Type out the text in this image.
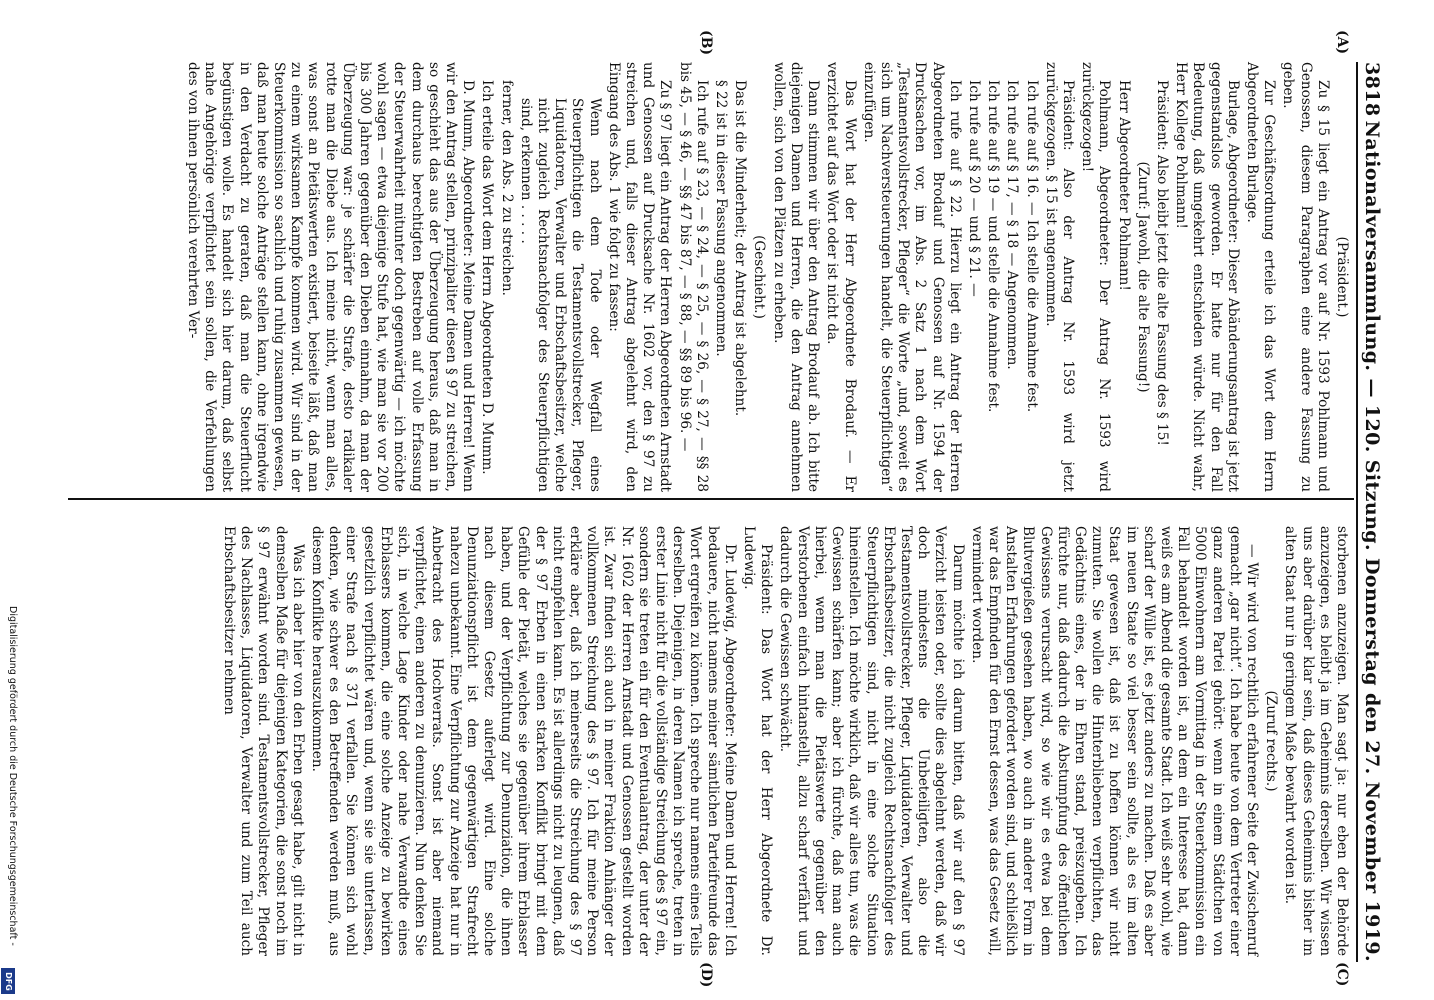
3818
Nationalversammlung. — 120. Sitzung. Donnerstag den 27. November 1919.
(A)
(B)
(C)
(D)

(Präsident.)

Zu § 15 liegt ein Antrag vor auf Nr. 1593 Pohlmann und Genossen, diesem Paragraphen eine andere Fassung zu geben.

Zur Geschäftsordnung erteile ich das Wort dem Herrn Abgeordneten Burlage.

Burlage, Abgeordneter: Dieser Abänderungsantrag ist jetzt gegenstandslos geworden. Er hatte nur für den Fall Bedeutung, daß umgekehrt entschieden würde. Nicht wahr, Herr Kollege Pohlmann!

Präsident: Also bleibt jetzt die alte Fassung des § 15!

(Zuruf: Jawohl, die alte Fassung!)

Herr Abgeordneter Pohlmann!

Pohlmann, Abgeordneter: Der Antrag Nr. 1593 wird zurückgezogen!

Präsident: Also der Antrag Nr. 1593 wird jetzt zurückgezogen. § 15 ist angenommen.

Ich rufe auf § 16. — Ich stelle die Annahme fest.

Ich rufe auf § 17, — § 18 — Angenommen.

Ich rufe auf § 19 — und stelle die Annahme fest.

Ich rufe auf § 20 — und § 21. —

Ich rufe auf § 22. Hierzu liegt ein Antrag der Herren Abgeordneten Brodauf und Genossen auf Nr. 1594 der Drucksachen vor, im Abs. 2 Satz 1 nach dem Wort „Testamentsvollstrecker, Pfleger“ die Worte „und, soweit es sich um Nachversteuerungen handelt, die Steuerpflichtigen“ einzufügen.

Das Wort hat der Herr Abgeordnete Brodauf. — Er verzichtet auf das Wort oder ist nicht da.

Dann stimmen wir über den Antrag Brodauf ab. Ich bitte diejenigen Damen und Herren, die den Antrag annehmen wollen, sich von den Plätzen zu erheben.

(Geschieht.)

Das ist die Minderheit; der Antrag ist abgelehnt.

§ 22 ist in dieser Fassung angenommen.

Ich rufe auf § 23, — § 24, — § 25, — § 26, — § 27, — §§ 28 bis 45, — § 46, — §§ 47 bis 87, — § 88, — §§ 89 bis 96. —

Zu § 97 liegt ein Antrag der Herren Abgeordneten Arnstadt und Genossen auf Drucksache Nr. 1602 vor, den § 97 zu streichen und, falls dieser Antrag abgelehnt wird, den Eingang des Abs. 1 wie folgt zu fassen:

Wenn nach dem Tode oder Wegfall eines Steuerpflichtigen die Testamentsvollstrecker, Pfleger, Liquidatoren, Verwalter und Erbschaftsbesitzer, welche nicht zugleich Rechtsnachfolger des Steuerpflichtigen sind, erkennen . . . . .

ferner, den Abs. 2 zu streichen.

Ich erteile das Wort dem Herrn Abgeordneten D. Mumm.

D. Mumm, Abgeordneter: Meine Damen und Herren! Wenn wir den Antrag stellen, prinzipaliter diesen § 97 zu streichen, so geschieht das aus der Überzeugung heraus, daß man in dem durchaus berechtigten Bestreben auf volle Erfassung der Steuerwahrheit mitunter doch gegenwärtig — ich möchte wohl sagen — etwa diejenige Stufe hat, wie man sie vor 200 bis 300 Jahren gegenüber den Dieben einnahm, da man der Überzeugung war: je schärfer die Strafe, desto radikaler rotte man die Diebe aus. Ich meine nicht, wenn man alles, was sonst an Pietätswerten existiert, beiseite läßt, daß man zu einem wirksamen Kampfe kommen wird. Wir sind in der Steuerkommission so sachlich und ruhig zusammen gewesen, daß man heute solche Anträge stellen kann, ohne irgendwie in den Verdacht zu geraten, daß man die Steuerflucht begünstigen wolle. Es handelt sich hier darum, daß selbst nahe Angehörige verpflichtet sein sollen, die Verfehlungen des von ihnen persönlich verehrten Ver-

storbenen anzuzeigen. Man sagt ja: nur eben der Behörde anzuzeigen, es bleibt ja im Geheimnis derselben. Wir wissen uns aber darüber klar sein, daß dieses Geheimnis bisher im alten Staat nur in geringem Maße bewahrt worden ist.

(Zuruf rechts.)

— Wir wird von rechtlich erfahrener Seite der Zwischenruf gemacht „gar nicht“. Ich habe heute von dem Vertreter einer ganz anderen Partei gehört: wenn in einem Städtchen von 5000 Einwohnern am Vormittag in der Steuerkommission ein Fall behandelt worden ist, an dem ein Interesse hat, dann weiß es am Abend die gesamte Stadt. Ich weiß sehr wohl, wie scharf der Wille ist, es jetzt anders zu machen. Daß es aber im neuen Staate so viel besser sein sollte, als es im alten Staat gewesen ist, daß ist zu hoffen können wir nicht zumuten. Sie wollen die Hinterbliebenen verpflichten, das Gedächtnis eines, der in Ehren stand, preiszugeben. Ich fürchte nur, daß dadurch die Abstumpfung des öffentlichen Gewissens verursacht wird, so wie wir es etwa bei dem Blutvergießen gesehen haben, wo auch in anderer Form in Anstalten Erfahrungen gefordert worden sind, und schließlich war das Empfinden für den Ernst dessen, was das Gesetz will, vermindert worden.

Darum möchte ich darum bitten, daß wir auf den § 97 Verzicht leisten oder, sollte dies abgelehnt werden, daß wir doch mindestens die Unbeteiligten, also die Testamentsvollstrecker, Pfleger, Liquidatoren, Verwalter und Erbschaftsbesitzer, die nicht zugleich Rechtsnachfolger des Steuerpflichtigen sind, nicht in eine solche Situation hineinstellen. Ich möchte wirklich, daß wir alles tun, was die Gewissen schärfen kann; aber ich fürchte, daß man auch hierbei, wenn man die Pietätswerte gegenüber den Verstorbenen einfach hintanstellt, allzu scharf verfährt und dadurch die Gewissen schwächt.

Präsident: Das Wort hat der Herr Abgeordnete Dr. Ludewig.

Dr. Ludewig, Abgeordneter: Meine Damen und Herren! Ich bedauere, nicht namens meiner sämtlichen Parteifreunde das Wort ergreifen zu können. Ich spreche nur namens eines Teils derselben. Diejenigen, in deren Namen ich spreche, treten in erster Linie nicht für die vollständige Streichung des § 97 ein, sondern sie treten ein für den Eventualantrag, der unter der Nr. 1602 der Herren Arnstadt und Genossen gestellt worden ist. Zwar finden sich auch in meiner Fraktion Anhänger der vollkommenen Streichung des § 97. Ich für meine Person erkläre aber, daß ich meinerseits die Streichung des § 97 nicht empfehlen kann. Es ist allerdings nicht zu leugnen, daß der § 97 Erben in einen starken Konflikt bringt mit dem Gefühle der Pietät, welches sie gegenüber ihrem Erblasser haben, und der Verpflichtung zur Denunziation, die ihnen nach diesem Gesetz auferlegt wird. Eine solche Denunziationspflicht ist dem gegenwärtigen Strafrecht nahezu unbekannt. Eine Verpflichtung zur Anzeige hat nur in Anbetracht des Hochverrats. Sonst ist aber niemand verpflichtet, einen anderen zu denunzieren. Nun denken Sie sich, in welche Lage Kinder oder nahe Verwandte eines Erblassers kommen, die eine solche Anzeige zu bewirken gesetzlich verpflichtet wären und, wenn sie sie unterlassen, einer Strafe nach § 371 verfallen. Sie können sich wohl denken, wie schwer es den Betreffenden werden muß, aus diesem Konflikte herauszukommen.

Was ich aber hier von den Erben gesagt habe, gilt nicht in demselben Maße für diejenigen Kategorien, die sonst noch im § 97 erwähnt worden sind. Testamentsvollstrecker, Pfleger des Nachlasses, Liquidatoren, Verwalter und zum Teil auch Erbschaftsbesitzer nehmen

Digitalisierung gefördert durch die Deutsche Forschungsgemeinschaft -
DFG
